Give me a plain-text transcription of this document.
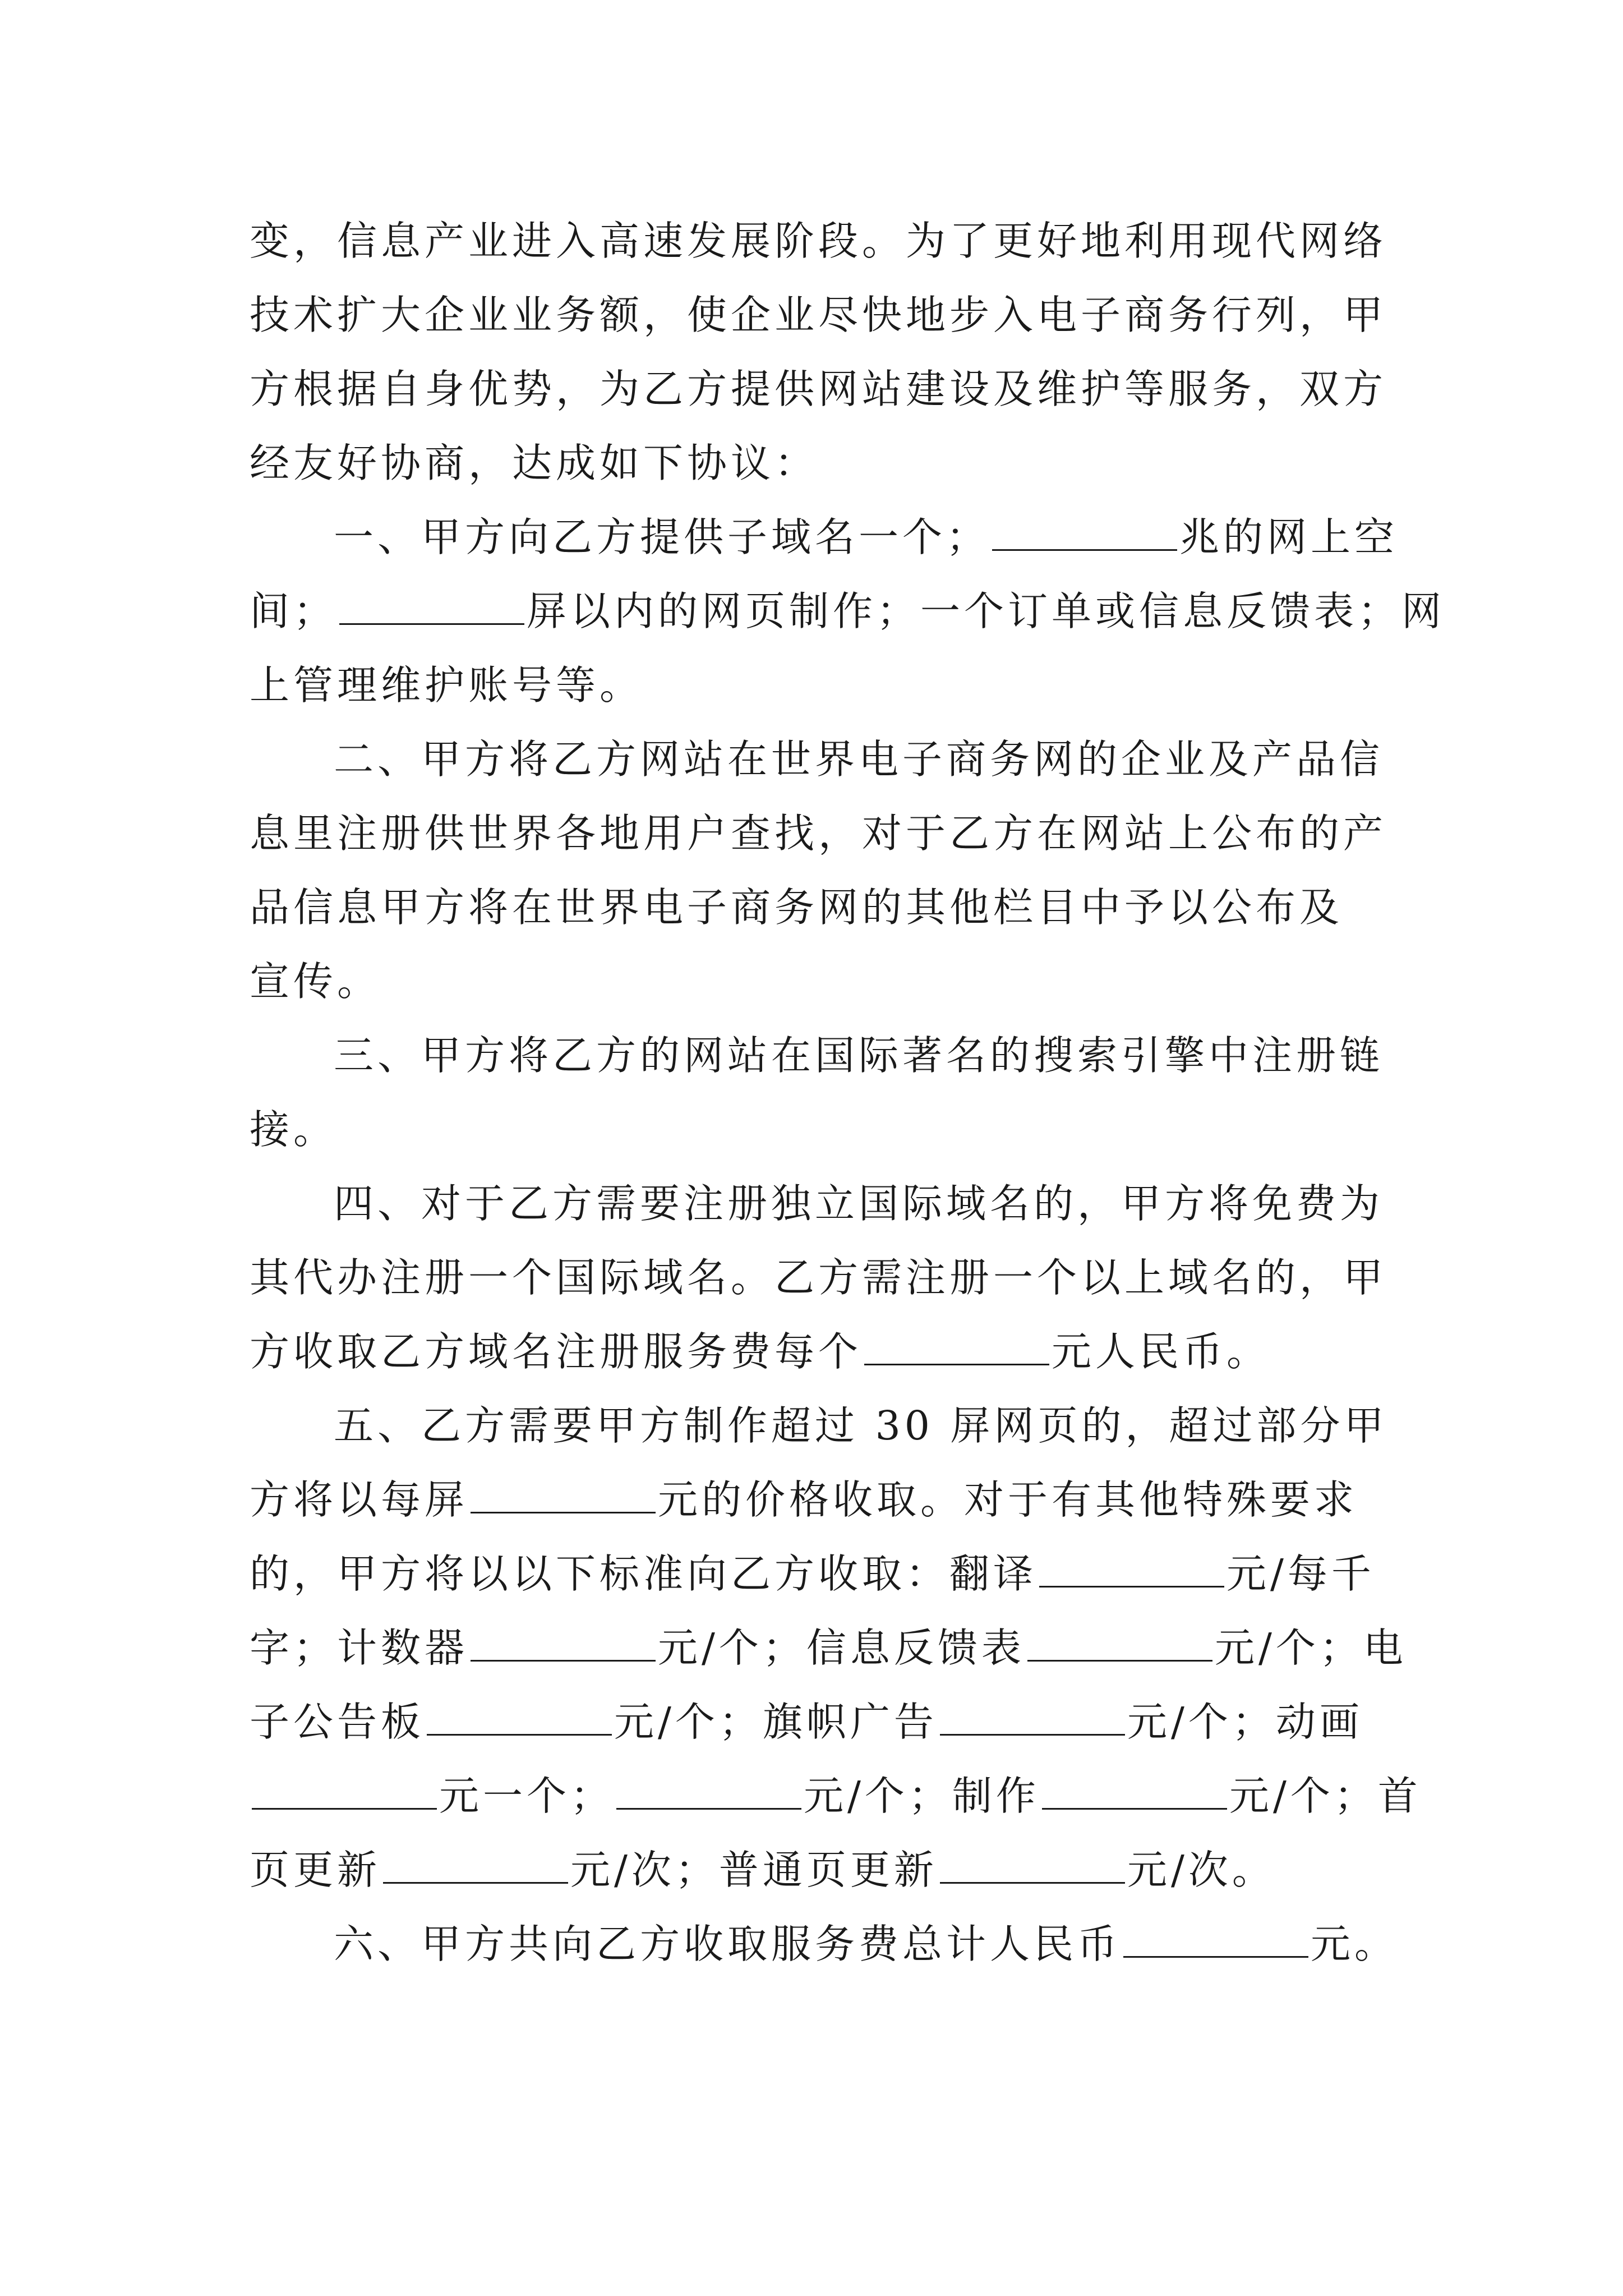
变，信息产业进入高速发展阶段。为了更好地利用现代网络
技术扩大企业业务额，使企业尽快地步入电子商务行列，甲
方根据自身优势，为乙方提供网站建设及维护等服务，双方
经友好协商，达成如下协议：
一、甲方向乙方提供子域名一个；	兆的网上空
间；	屏以内的网页制作；一个订单或信息反馈表；网
上管理维护账号等。
二、甲方将乙方网站在世界电子商务网的企业及产品信
息里注册供世界各地用户查找，对于乙方在网站上公布的产
品信息甲方将在世界电子商务网的其他栏目中予以公布及
宣传。
三、甲方将乙方的网站在国际著名的搜索引擎中注册链
接。
四、对于乙方需要注册独立国际域名的，甲方将免费为
其代办注册一个国际域名。乙方需注册一个以上域名的，甲
方收取乙方域名注册服务费每个	元人民币。
五、乙方需要甲方制作超过 30 屏网页的，超过部分甲
方将以每屏	元的价格收取。对于有其他特殊要求
的，甲方将以以下标准向乙方收取：翻译	元/每千
字；计数器	元/个；信息反馈表	元/个；电
子公告板	元/个；旗帜广告	元/个；动画
元一个；	元/个；制作	元/个；首
页更新	元/次；普通页更新	元/次。
六、甲方共向乙方收取服务费总计人民币	元。
